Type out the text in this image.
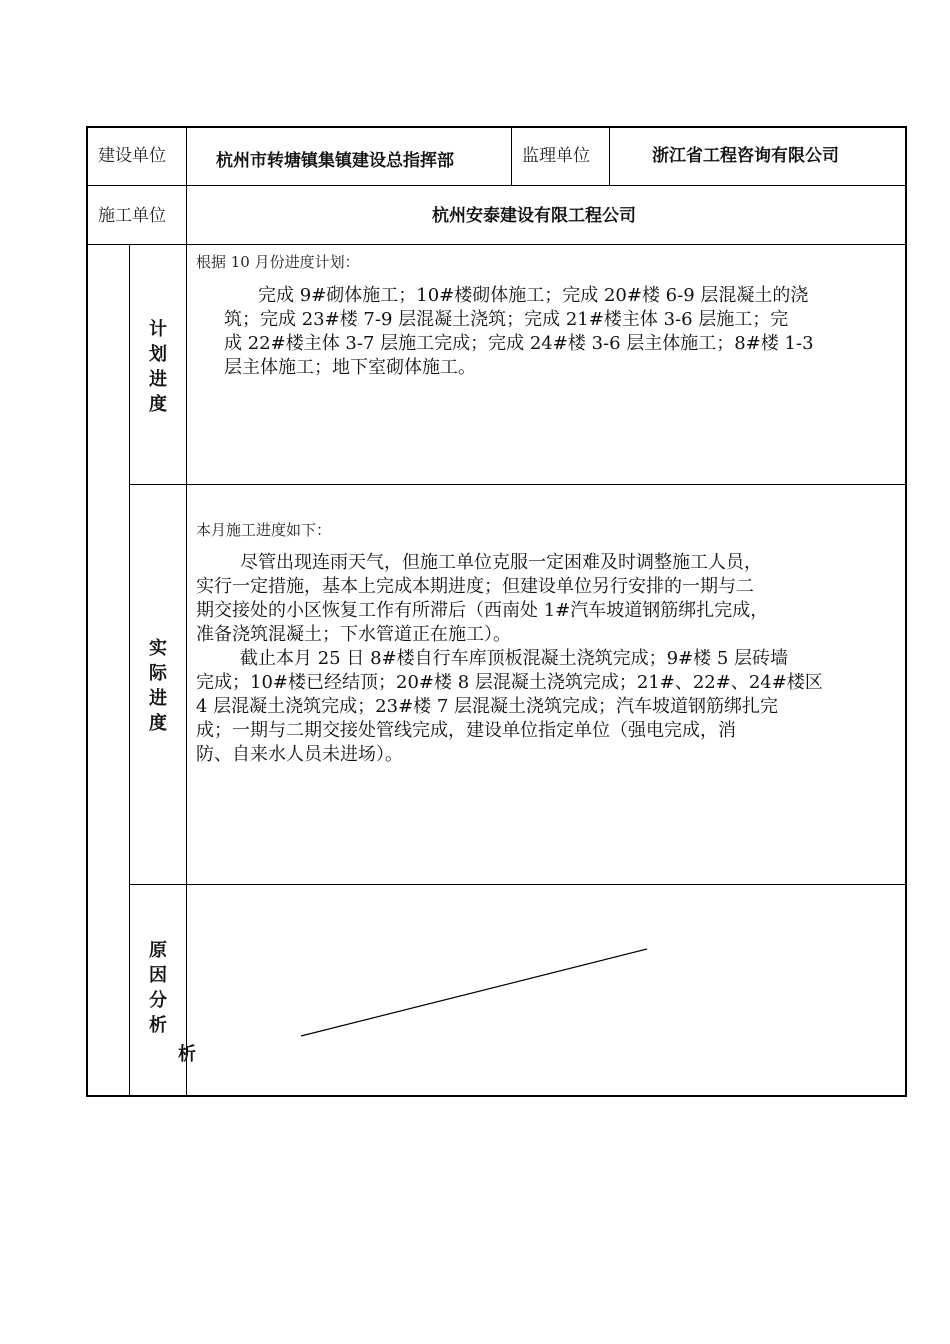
建设单位	杭州市转塘镇集镇建设总指挥部	监理单位	浙江省工程咨询有限公司
施工单位	杭州安泰建设有限工程公司
计
划
进
度
根据 10 月份进度计划：
完成 9#砌体施工；10#楼砌体施工；完成 20#楼 6-9 层混凝土的浇
筑；完成 23#楼 7-9 层混凝土浇筑；完成 21#楼主体 3-6 层施工；完
成 22#楼主体 3-7 层施工完成；完成 24#楼 3-6 层主体施工；8#楼 1-3
层主体施工；地下室砌体施工。
实
际
进
度
本月施工进度如下：
尽管出现连雨天气，但施工单位克服一定困难及时调整施工人员，
实行一定措施，基本上完成本期进度；但建设单位另行安排的一期与二
期交接处的小区恢复工作有所滞后（西南处 1#汽车坡道钢筋绑扎完成，
准备浇筑混凝土；下水管道正在施工）。
截止本月 25 日 8#楼自行车库顶板混凝土浇筑完成；9#楼 5 层砖墙
完成；10#楼已经结顶；20#楼 8 层混凝土浇筑完成；21#、22#、24#楼区
4 层混凝土浇筑完成；23#楼 7 层混凝土浇筑完成；汽车坡道钢筋绑扎完
成；一期与二期交接处管线完成，建设单位指定单位（强电完成，消
防、自来水人员未进场）。
原
因
分
析
析
